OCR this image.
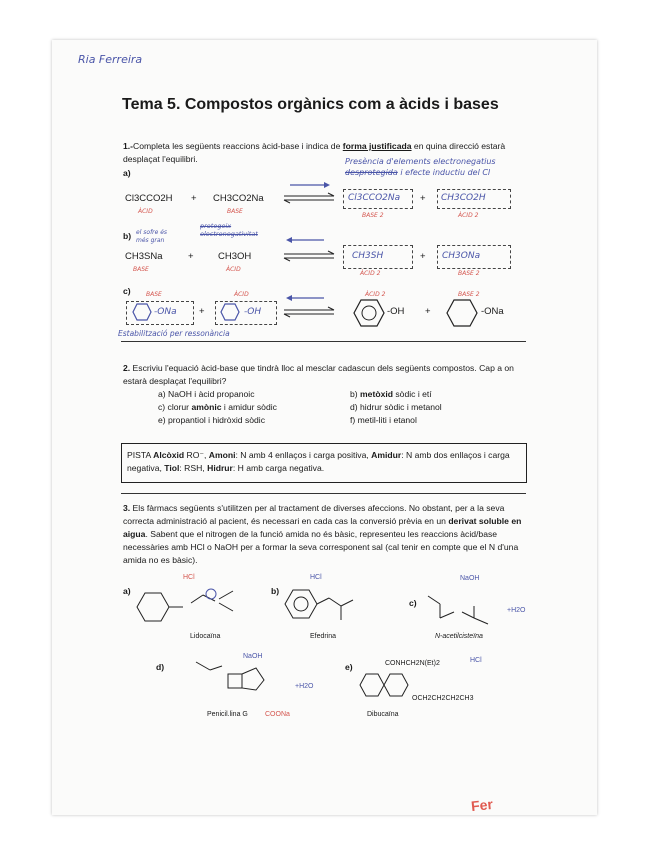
Ria Ferreira
Tema 5. Compostos orgànics com a àcids i bases
1.-Completa les següents reaccions àcid-base i indica de forma justificada en quina direcció estarà desplaçat l'equilibri.	Presència d'elements electronegatius
desprotegida i efecte inductiu del Cl
a)
Cl3CCO2H
ÀCID
+ CH3CO2Na
BASE
Cl3CCO2Na
BASE 2
+ CH3CO2H
ÀCID 2
b) el sofre és
més gran
protegeix
electronegativitat
CH3SNa
BASE
+	CH3OH
ÀCID
CH3SH
ÀCID 2
+ CH3ONa
BASE 2
c)	BASE	ÀCID	ÀCID 2	BASE 2
-ONa +	-OH	-OH +	-ONa
Estabilització per ressonància
2. Escriviu l'equació àcid-base que tindrà lloc al mesclar cadascun dels següents compostos. Cap a on estarà desplaçat l'equilibri?
a) NaOH i àcid propanoic	b) metòxid sòdic i etí
c) clorur amònic i amidur sòdic	d) hidrur sòdic i metanol
e) propantiol i hidròxid sòdic	f) metil-liti i etanol
PISTA Alcòxid RO⁻, Amoni: N amb 4 enllaços i carga positiva, Amidur: N amb dos enllaços i carga negativa, Tiol: RSH, Hidrur: H amb carga negativa.
3. Els fàrmacs següents s'utilitzen per al tractament de diverses afeccions. No obstant, per a la seva correcta administració al pacient, és necessari en cada cas la conversió prèvia en un derivat soluble en aigua. Sabent que el nitrogen de la funció amida no és bàsic, representeu les reaccions àcid/base necessàries amb HCl o NaOH per a formar la seva corresponent sal (cal tenir en compte que el N d'una amida no es bàsic).
a)
HCl
Lidocaïna
b)
HCl
Efedrina
c)
NaOH
+H2O
N-acetilcisteïna
d)
NaOH
+H2O
COONa
Penicil.lina G
e)	CONHCH2N(Et)2
OCH2CH2CH2CH3
HCl
Dibucaïna
Fer
